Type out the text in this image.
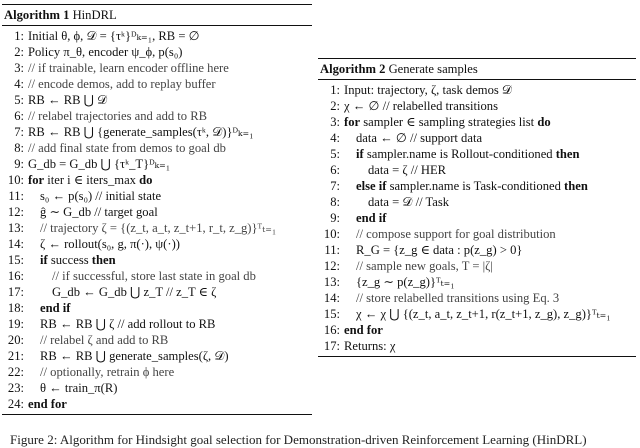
Algorithm 1 HinDRL
1: Initial θ, ϕ, 𝒟 = {τᵏ}ᴰₖ₌₁, RB = ∅
2: Policy π_θ, encoder ψ_ϕ, p(s₀)
3: // if trainable, learn encoder offline here
4: // encode demos, add to replay buffer
5: RB ← RB ⋃ 𝒟
6: // relabel trajectories and add to RB
7: RB ← RB ⋃ {generate_samples(τᵏ, 𝒟)}ᴰₖ₌₁
8: // add final state from demos to goal db
9: G_db = G_db ⋃ {τᵏ_T}ᴰₖ₌₁
10: for iter i ∈ iters_max do
11: s₀ ← p(s₀) // initial state
12: ĝ ∼ G_db // target goal
13: // trajectory ζ = {(z_t, a_t, z_t+1, r_t, z_g)}ᵀₜ₌₁
14: ζ ← rollout(s₀, g, π(·), ψ(·))
15: if success then
16: // if successful, store last state in goal db
17: G_db ← G_db ⋃ z_T // z_T ∈ ζ
18: end if
19: RB ← RB ⋃ ζ // add rollout to RB
20: // relabel ζ and add to RB
21: RB ← RB ⋃ generate_samples(ζ, 𝒟)
22: // optionally, retrain ϕ here
23: θ ← train_π(R)
24: end for
Algorithm 2 Generate samples
1: Input: trajectory, ζ, task demos 𝒟
2: χ ← ∅ // relabelled transitions
3: for sampler ∈ sampling strategies list do
4: data ← ∅ // support data
5: if sampler.name is Rollout-conditioned then
6: data = ζ // HER
7: else if sampler.name is Task-conditioned then
8: data = 𝒟 // Task
9: end if
10: // compose support for goal distribution
11: R_G = {z_g ∈ data : p(z_g) > 0}
12: // sample new goals, T = |ζ|
13: {z_g ∼ p(z_g)}ᵀₜ₌₁
14: // store relabelled transitions using Eq. 3
15: χ ← χ ⋃ {(z_t, a_t, z_t+1, r(z_t+1, z_g), z_g)}ᵀₜ₌₁
16: end for
17: Returns: χ
Figure 2: Algorithm for Hindsight goal selection for Demonstration-driven Reinforcement Learning (HinDRL)
